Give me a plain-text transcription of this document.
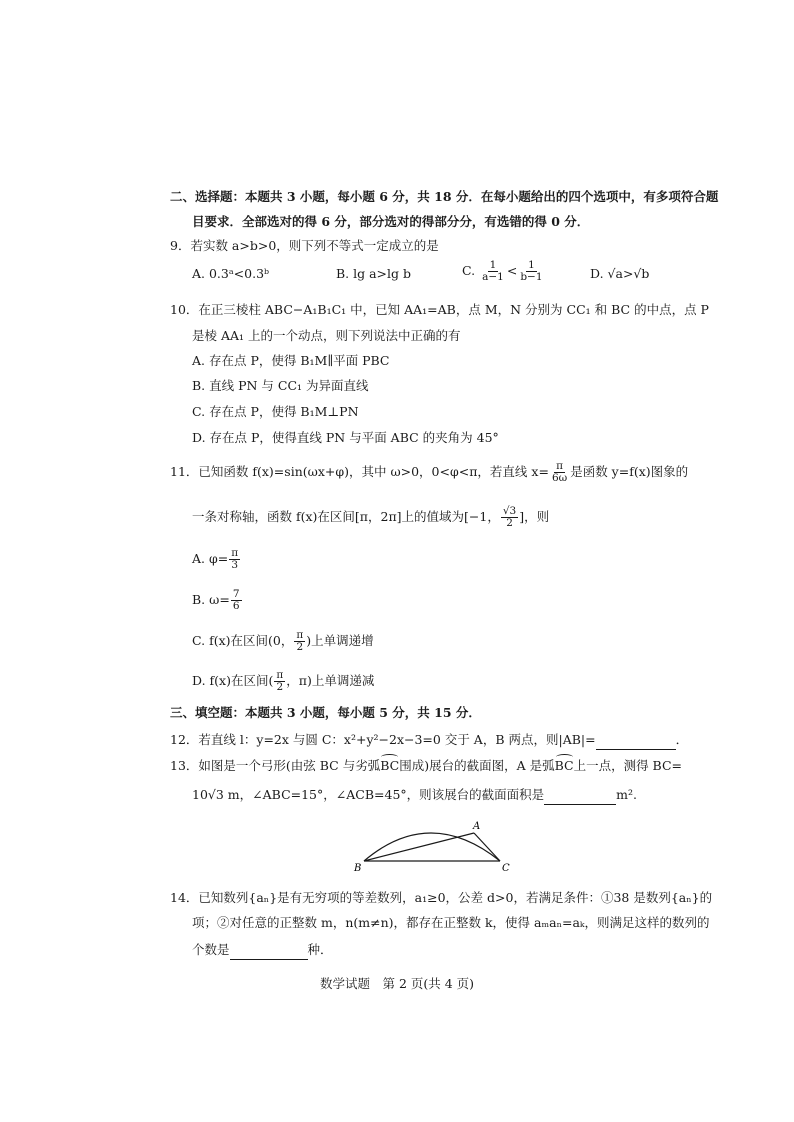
二、选择题：本题共 3 小题，每小题 6 分，共 18 分．在每小题给出的四个选项中，有多项符合题
目要求．全部选对的得 6 分，部分选对的得部分分，有选错的得 0 分．
9．若实数 a>b>0，则下列不等式一定成立的是
A. 0.3ᵃ<0.3ᵇ	B. lg a>lg b	C. $\frac{1}{a-1} < \frac{1}{b-1}$	D. √a>√b
10．在正三棱柱 ABC−A₁B₁C₁ 中，已知 AA₁=AB，点 M，N 分别为 CC₁ 和 BC 的中点，点 P
是棱 AA₁ 上的一个动点，则下列说法中正确的有
A. 存在点 P，使得 B₁M∥平面 PBC
B. 直线 PN 与 CC₁ 为异面直线
C. 存在点 P，使得 B₁M⊥PN
D. 存在点 P，使得直线 PN 与平面 ABC 的夹角为 45°
11．已知函数 f(x)=sin(ωx+φ)，其中 ω>0，0<φ<π，若直线 $x= \frac{\pi}{6\omega}$ 是函数 y=f(x)图象的
一条对称轴，函数 f(x)在区间[π，2π]上的值域为[−1， $\frac{√3}{2}$ ]，则
A. $\varphi= \frac{\pi}{3}$
B. $\omega= \frac{7}{6}$
C. f(x)在区间(0， $\frac{\pi}{2}$ )上单调递增
D. f(x)在区间( $\frac{\pi}{2}$ ，π)上单调递减
三、填空题：本题共 3 小题，每小题 5 分，共 15 分．
12．若直线 l：y=2x 与圆 C：x²+y²−2x−3=0 交于 A，B 两点，则|AB|=	．
13．如图是一个弓形(由弦 BC 与劣弧BC围成)展台的截面图，A 是弧BC上一点，测得 BC=
10√3 m，∠ABC=15°，∠ACB=45°，则该展台的截面面积是	m².
A
B	C
14．已知数列{aₙ}是有无穷项的等差数列，a₁≥0，公差 d>0，若满足条件：①38 是数列{aₙ}的
项；②对任意的正整数 m，n(m≠n)，都存在正整数 k，使得 aₘaₙ=aₖ，则满足这样的数列的
个数是	种．
数学试题　第 2 页(共 4 页)
